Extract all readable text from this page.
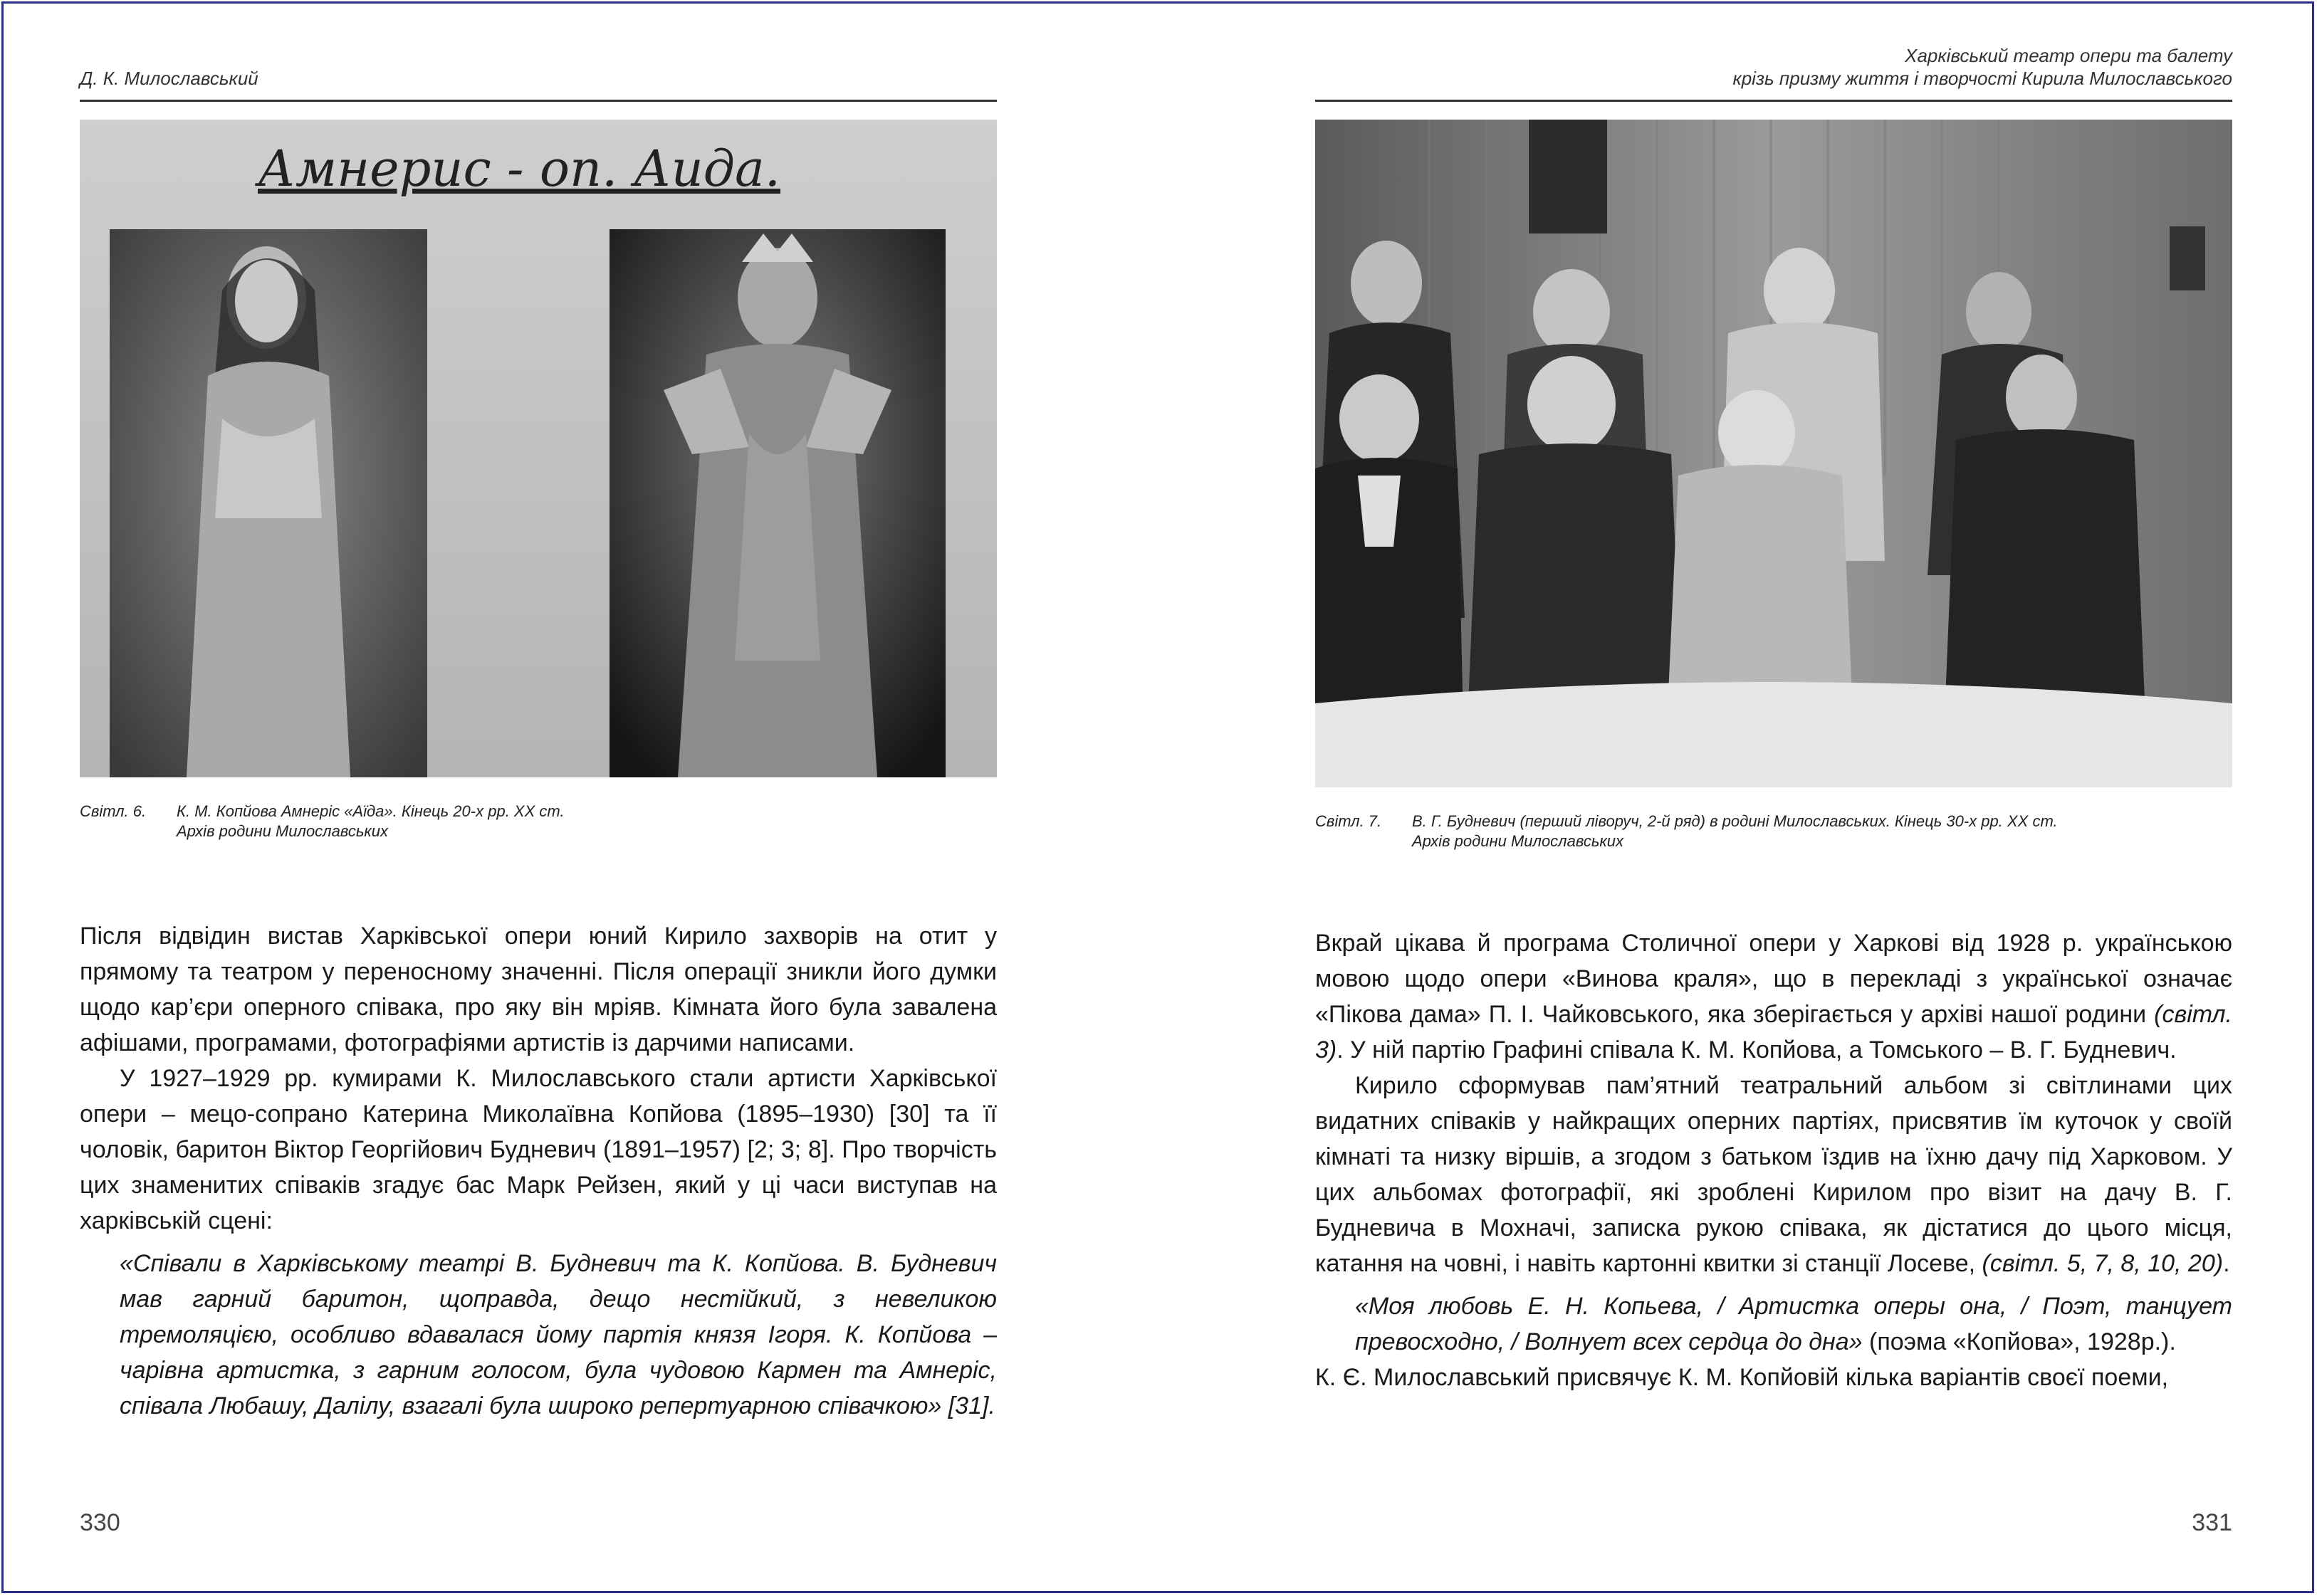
Д. К. Милославський
Амнерис - оп. Аида.
Світл. 6. К. М. Копйова Амнеріс «Аїда». Кінець 20-х рр. XX ст.
Архів родини Милославських

Після відвідин вистав Харківської опери юний Кирило захворів на отит у прямому та театром у переносному значенні. Після операції зникли його думки щодо кар’єри оперного співака, про яку він мріяв. Кімната його була завалена афішами, програмами, фотографіями артистів із дарчими написами.

У 1927–1929 рр. кумирами К. Милославського стали артисти Харківської опери – мецо-сопрано Катерина Миколаївна Копйова (1895–1930) [30] та її чоловік, баритон Віктор Георгійович Будневич (1891–1957) [2; 3; 8]. Про творчість цих знаменитих співаків згадує бас Марк Рейзен, який у ці часи виступав на харківській сцені:

«Співали в Харківському театрі В. Будневич та К. Копйова. В. Будневич мав гарний баритон, щоправда, дещо нестійкий, з невеликою тремоляцією, особливо вдавалася йому партія князя Ігоря. К. Копйова – чарівна артистка, з гарним голосом, була чудовою Кармен та Амнеріс, співала Любашу, Далілу, взагалі була широко репертуарною співачкою» [31].

330
Харківський театр опери та балету
крізь призму життя і творчості Кирила Милославського
Світл. 7. В. Г. Будневич (перший ліворуч, 2-й ряд) в родині Милославських. Кінець 30-х рр. XX ст.
Архів родини Милославських

Вкрай цікава й програма Столичної опери у Харкові від 1928 р. українською мовою щодо опери «Винова краля», що в перекладі з української означає «Пікова дама» П. І. Чайковського, яка зберігається у архіві нашої родини (світл. 3). У ній партію Графині співала К. М. Копйова, а Томського – В. Г. Будневич.

Кирило сформував пам’ятний театральний альбом зі світлинами цих видатних співаків у найкращих оперних партіях, присвятив їм куточок у своїй кімнаті та низку віршів, а згодом з батьком їздив на їхню дачу під Харковом. У цих альбомах фотографії, які зроблені Кирилом про візит на дачу В. Г. Будневича в Мохначі, записка рукою співака, як дістатися до цього місця, катання на човні, і навіть картонні квитки зі станції Лосеве, (світл. 5, 7, 8, 10, 20).

«Моя любовь Е. Н. Копьева, / Артистка оперы она, / Поэт, танцует превосходно, / Волнует всех сердца до дна» (поэма «Копйова», 1928р.).

К. Є. Милославський присвячує К. М. Копйовій кілька варіантів своєї поеми,

331
